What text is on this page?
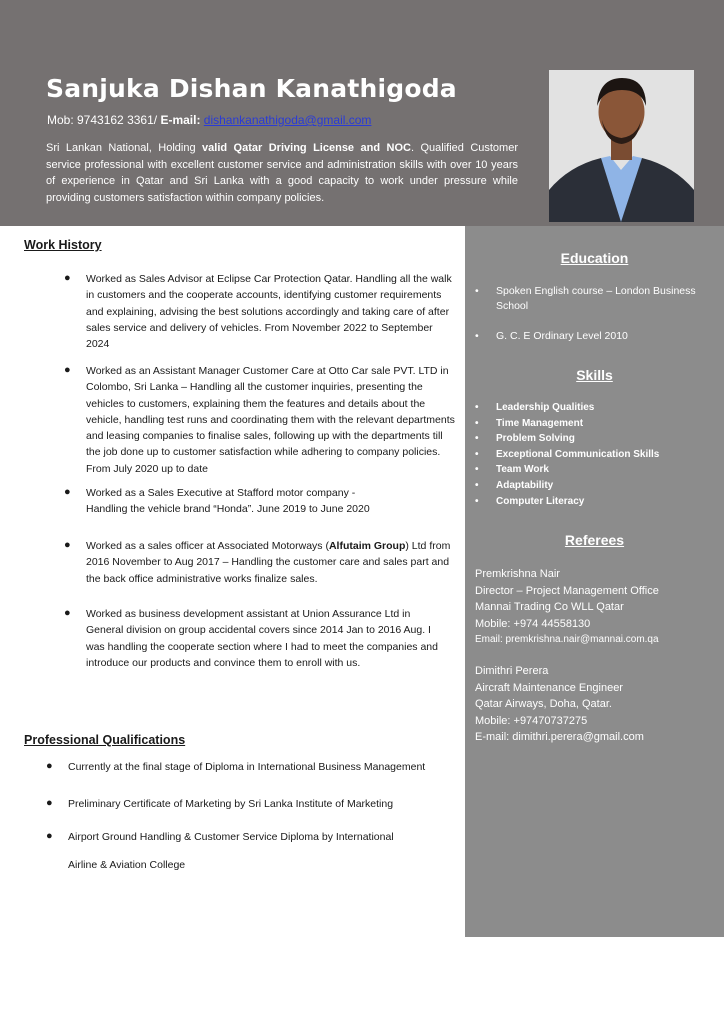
Sanjuka Dishan Kanathigoda
Mob: 9743162 3361/ E-mail: dishankanathigoda@gmail.com
Sri Lankan National, Holding valid Qatar Driving License and NOC. Qualified Customer service professional with excellent customer service and administration skills with over 10 years of experience in Qatar and Sri Lanka with a good capacity to work under pressure while providing customers satisfaction within company policies.
Education
• Spoken English course – London Business School
• G. C. E Ordinary Level 2010
Skills
• Leadership Qualities
• Time Management
• Problem Solving
• Exceptional Communication Skills
• Team Work
• Adaptability
• Computer Literacy
Referees
Premkrishna Nair
Director – Project Management Office
Mannai Trading Co WLL Qatar
Mobile: +974 44558130
Email: premkrishna.nair@mannai.com.qa
Dimithri Perera
Aircraft Maintenance Engineer
Qatar Airways, Doha, Qatar.
Mobile: +97470737275
E-mail: dimithri.perera@gmail.com
Work History
● Worked as Sales Advisor at Eclipse Car Protection Qatar. Handling all the walk in customers and the cooperate accounts, identifying customer requirements and explaining, advising the best solutions accordingly and taking care of after sales service and delivery of vehicles. From November 2022 to September 2024
● Worked as an Assistant Manager Customer Care at Otto Car sale PVT. LTD in Colombo, Sri Lanka – Handling all the customer inquiries, presenting the vehicles to customers, explaining them the features and details about the vehicle, handling test runs and coordinating them with the relevant departments and leasing companies to finalise sales, following up with the departments till the job done up to customer satisfaction while adhering to company policies. From July 2020 up to date
● Worked as a Sales Executive at Stafford motor company - Handling the vehicle brand “Honda”. June 2019 to June 2020
● Worked as a sales officer at Associated Motorways (Alfutaim Group) Ltd from 2016 November to Aug 2017 – Handling the customer care and sales part and the back office administrative works finalize sales.
● Worked as business development assistant at Union Assurance Ltd in General division on group accidental covers since 2014 Jan to 2016 Aug. I was handling the cooperate section where I had to meet the companies and introduce our products and convince them to enroll with us.
Professional Qualifications
● Currently at the final stage of Diploma in International Business Management
● Preliminary Certificate of Marketing by Sri Lanka Institute of Marketing
● Airport Ground Handling & Customer Service Diploma by International
Airline & Aviation College
